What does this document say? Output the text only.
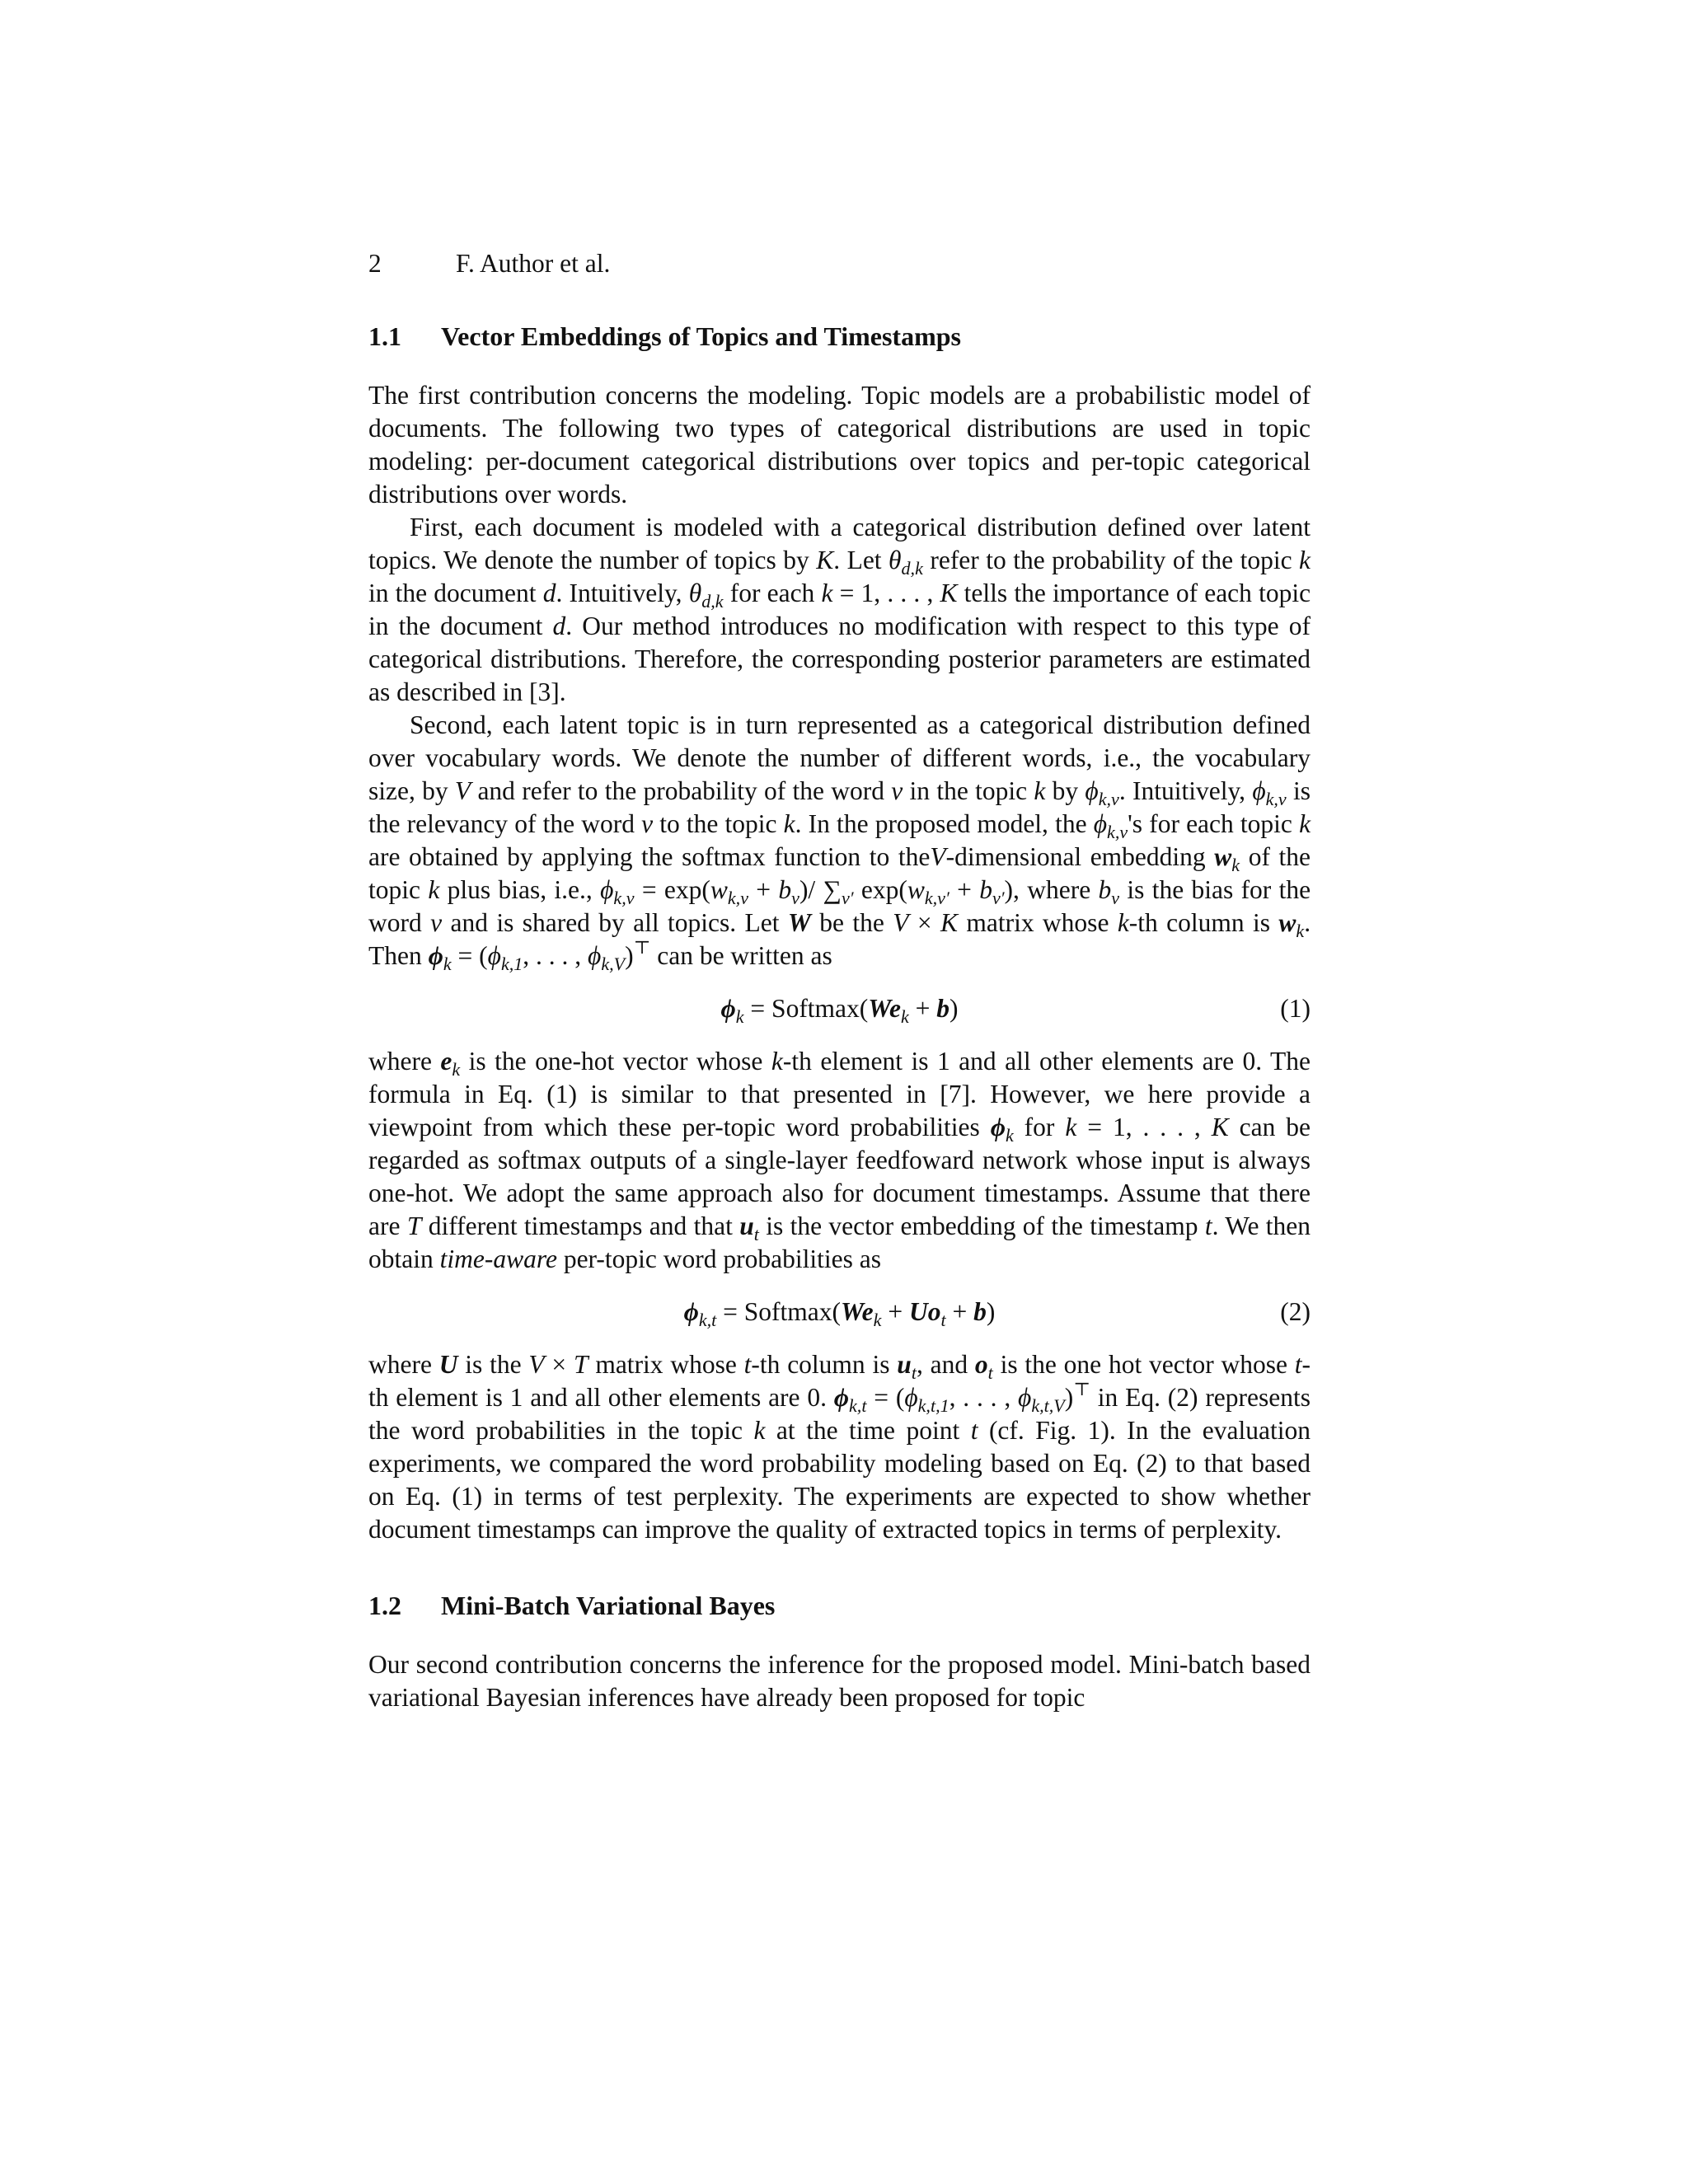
2	F. Author et al.
1.1 Vector Embeddings of Topics and Timestamps

The first contribution concerns the modeling. Topic models are a probabilistic model of documents. The following two types of categorical distributions are used in topic modeling: per-document categorical distributions over topics and per-topic categorical distributions over words.

First, each document is modeled with a categorical distribution defined over latent topics. We denote the number of topics by K. Let $\theta_{d,k}$ refer to the probability of the topic k in the document d. Intuitively, $\theta_{d,k}$ for each k = 1, . . . , K tells the importance of each topic in the document d. Our method introduces no modification with respect to this type of categorical distributions. Therefore, the corresponding posterior parameters are estimated as described in [3].

Second, each latent topic is in turn represented as a categorical distribution defined over vocabulary words. We denote the number of different words, i.e., the vocabulary size, by V and refer to the probability of the word v in the topic k by $\phi_{k,v}$. Intuitively, $\phi_{k,v}$ is the relevancy of the word v to the topic k. In the proposed model, the $\phi_{k,v}'s$ for each topic k are obtained by applying the softmax function to theV-dimensional embedding $w_k$ of the topic k plus bias, i.e., $\phi_{k,v} = \exp(w_{k,v} + b_v)/$ $\sum_{v'}$ $\exp(w_{k,v'} + b_{v'})$, where $b_v$ is the bias for the word v and is shared by all topics. Let W be the V × K matrix whose k-th column is $w_k$. Then $\phi_k = (\phi_{k,1}$, . . . , $\phi_{k,V})^⊤$ can be written as

$\phi_k$ = $Softmax(We_k + b)$	(1)

where $e_k$ is the one-hot vector whose k-th element is 1 and all other elements are 0. The formula in Eq. (1) is similar to that presented in [7]. However, we here provide a viewpoint from which these per-topic word probabilities $\phi_k$ for k = 1, . . . , K can be regarded as softmax outputs of a single-layer feedfoward network whose input is always one-hot. We adopt the same approach also for document timestamps. Assume that there are T different timestamps and that $u_t$ is the vector embedding of the timestamp t. We then obtain time-aware per-topic word probabilities as

$\phi_{k,t}$ = $Softmax(We_k + Uo_t + b)$	(2)

where U is the V × T matrix whose t-th column is $u_t$, and $o_t$ is the one hot vector whose t-th element is 1 and all other elements are 0. $\phi_{k,t} = (\phi_{k,t,1}$, . . . , $\phi_{k,t,V})^⊤$ in Eq. (2) represents the word probabilities in the topic k at the time point t (cf. Fig. 1). In the evaluation experiments, we compared the word probability modeling based on Eq. (2) to that based on Eq. (1) in terms of test perplexity. The experiments are expected to show whether document timestamps can improve the quality of extracted topics in terms of perplexity.

1.2 Mini-Batch Variational Bayes

Our second contribution concerns the inference for the proposed model. Mini-batch based variational Bayesian inferences have already been proposed for topic
